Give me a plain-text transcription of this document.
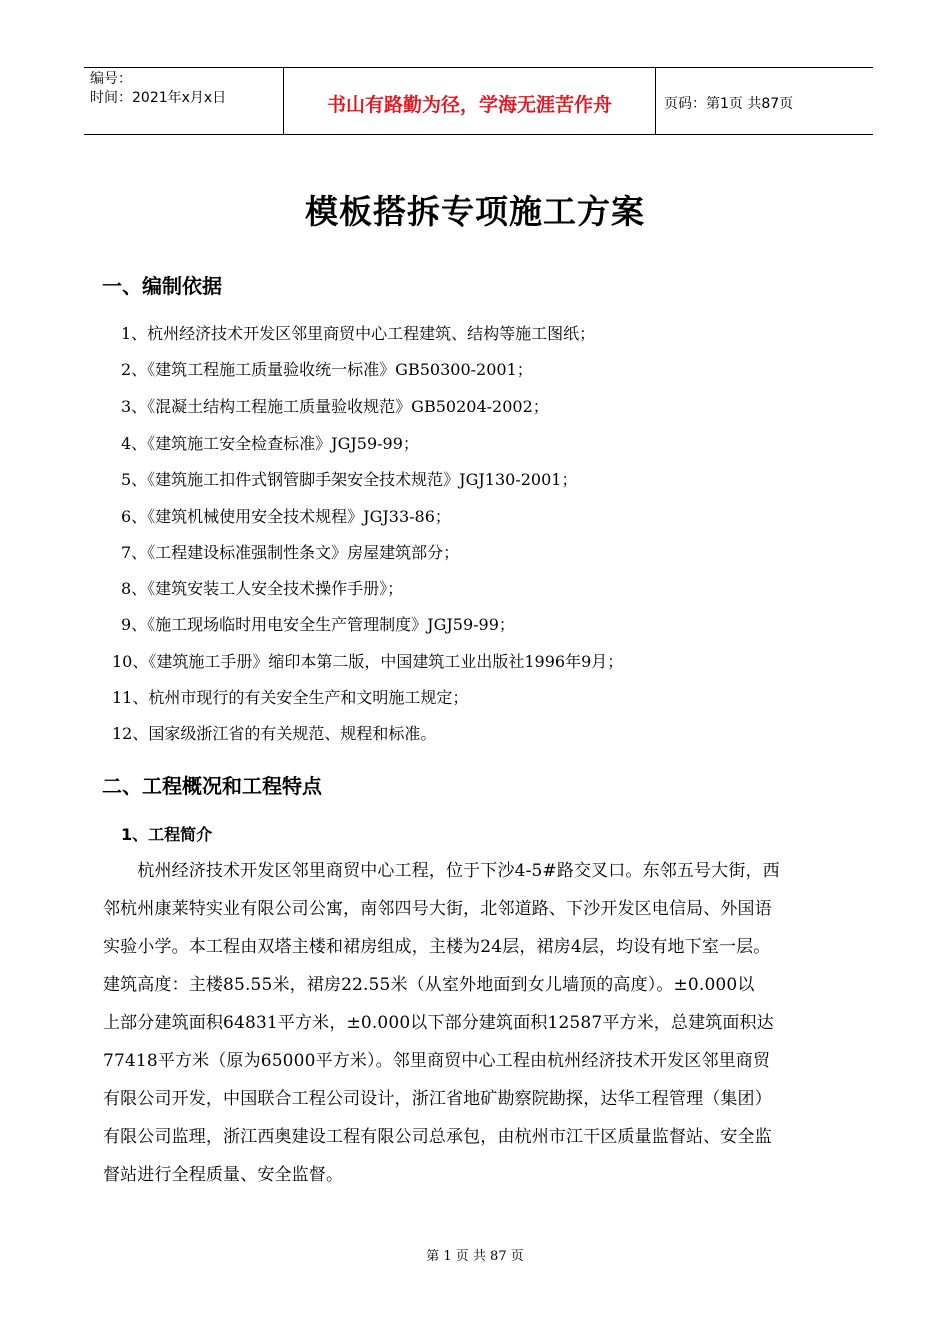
编号：
时间：2021年x月x日	书山有路勤为径，学海无涯苦作舟	页码：第1页 共87页
模板搭拆专项施工方案
一、编制依据
1、杭州经济技术开发区邻里商贸中心工程建筑、结构等施工图纸；
2、《建筑工程施工质量验收统一标准》GB50300-2001；
3、《混凝土结构工程施工质量验收规范》GB50204-2002；
4、《建筑施工安全检查标准》JGJ59-99；
5、《建筑施工扣件式钢管脚手架安全技术规范》JGJ130-2001；
6、《建筑机械使用安全技术规程》JGJ33-86；
7、《工程建设标准强制性条文》房屋建筑部分；
8、《建筑安装工人安全技术操作手册》；
9、《施工现场临时用电安全生产管理制度》JGJ59-99；
10、《建筑施工手册》缩印本第二版，中国建筑工业出版社1996年9月；
11、杭州市现行的有关安全生产和文明施工规定；
12、国家级浙江省的有关规范、规程和标准。
二、工程概况和工程特点
1、工程简介
　　杭州经济技术开发区邻里商贸中心工程，位于下沙4-5#路交叉口。东邻五号大街，西
邻杭州康莱特实业有限公司公寓，南邻四号大街，北邻道路、下沙开发区电信局、外国语
实验小学。本工程由双塔主楼和裙房组成，主楼为24层，裙房4层，均设有地下室一层。
建筑高度：主楼85.55米，裙房22.55米（从室外地面到女儿墙顶的高度）。±0.000以
上部分建筑面积64831平方米，±0.000以下部分建筑面积12587平方米，总建筑面积达
77418平方米（原为65000平方米）。邻里商贸中心工程由杭州经济技术开发区邻里商贸
有限公司开发，中国联合工程公司设计，浙江省地矿勘察院勘探，达华工程管理（集团）
有限公司监理，浙江西奥建设工程有限公司总承包，由杭州市江干区质量监督站、安全监
督站进行全程质量、安全监督。
第 1 页 共 87 页
